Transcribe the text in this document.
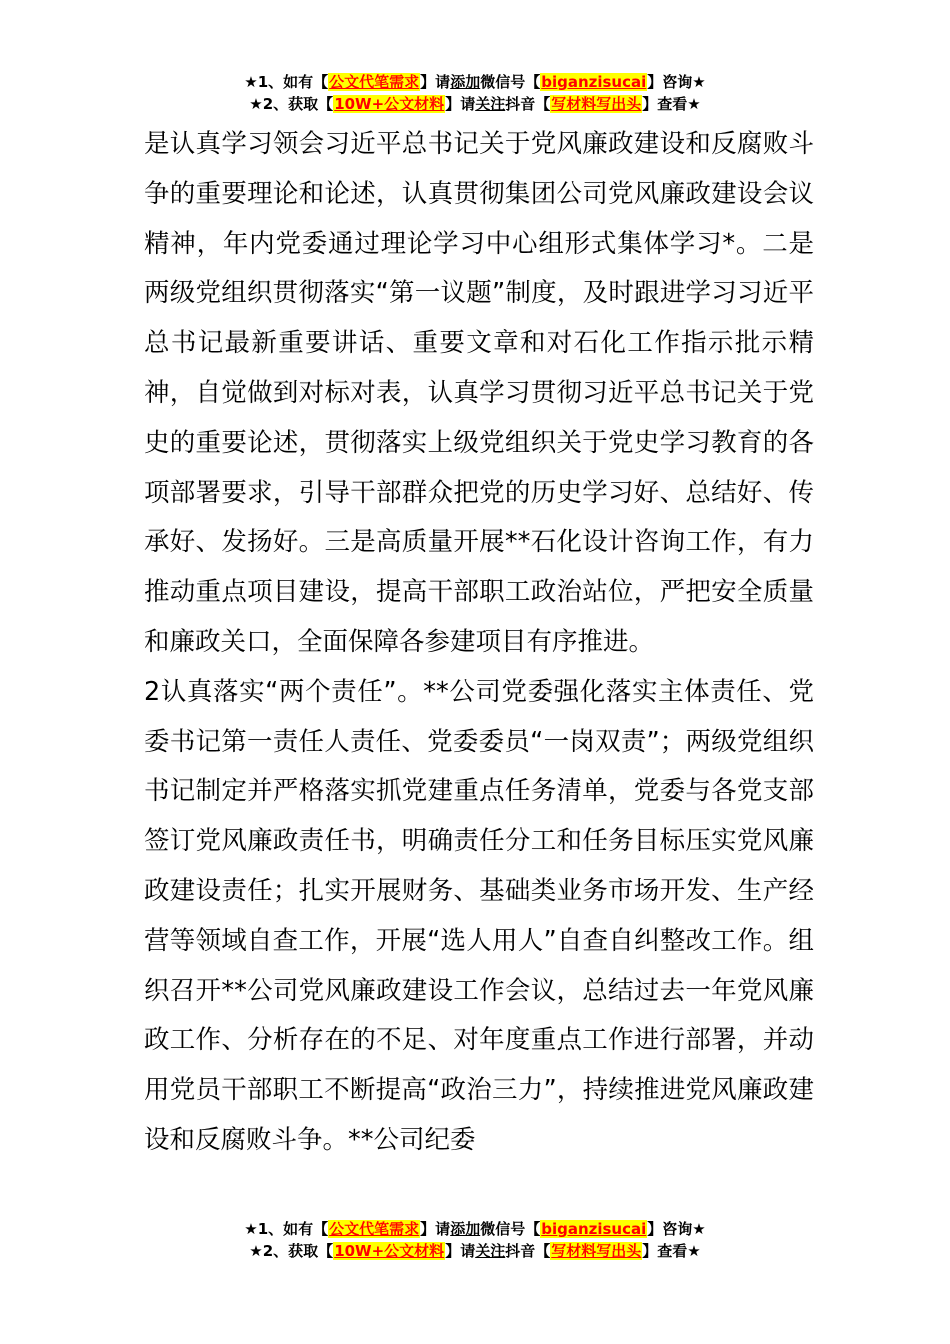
★1、如有【公文代笔需求】请添加微信号【biganzisucai】咨询★
★2、获取【10W+公文材料】请关注抖音【写材料写出头】查看★

是认真学习领会习近平总书记关于党风廉政建设和反腐败斗争的重要理论和论述，认真贯彻集团公司党风廉政建设会议精神，年内党委通过理论学习中心组形式集体学习*。二是两级党组织贯彻落实“第一议题”制度，及时跟进学习习近平总书记最新重要讲话、重要文章和对石化工作指示批示精神，自觉做到对标对表，认真学习贯彻习近平总书记关于党史的重要论述，贯彻落实上级党组织关于党史学习教育的各项部署要求，引导干部群众把党的历史学习好、总结好、传承好、发扬好。三是高质量开展**石化设计咨询工作，有力推动重点项目建设，提高干部职工政治站位，严把安全质量和廉政关口，全面保障各参建项目有序推进。

2认真落实“两个责任”。**公司党委强化落实主体责任、党委书记第一责任人责任、党委委员“一岗双责”；两级党组织书记制定并严格落实抓党建重点任务清单，党委与各党支部签订党风廉政责任书，明确责任分工和任务目标压实党风廉政建设责任；扎实开展财务、基础类业务市场开发、生产经营等领域自查工作，开展“选人用人”自查自纠整改工作。组织召开**公司党风廉政建设工作会议，总结过去一年党风廉政工作、分析存在的不足、对年度重点工作进行部署，并动用党员干部职工不断提高“政治三力”，持续推进党风廉政建设和反腐败斗争。**公司纪委

★1、如有【公文代笔需求】请添加微信号【biganzisucai】咨询★
★2、获取【10W+公文材料】请关注抖音【写材料写出头】查看★
